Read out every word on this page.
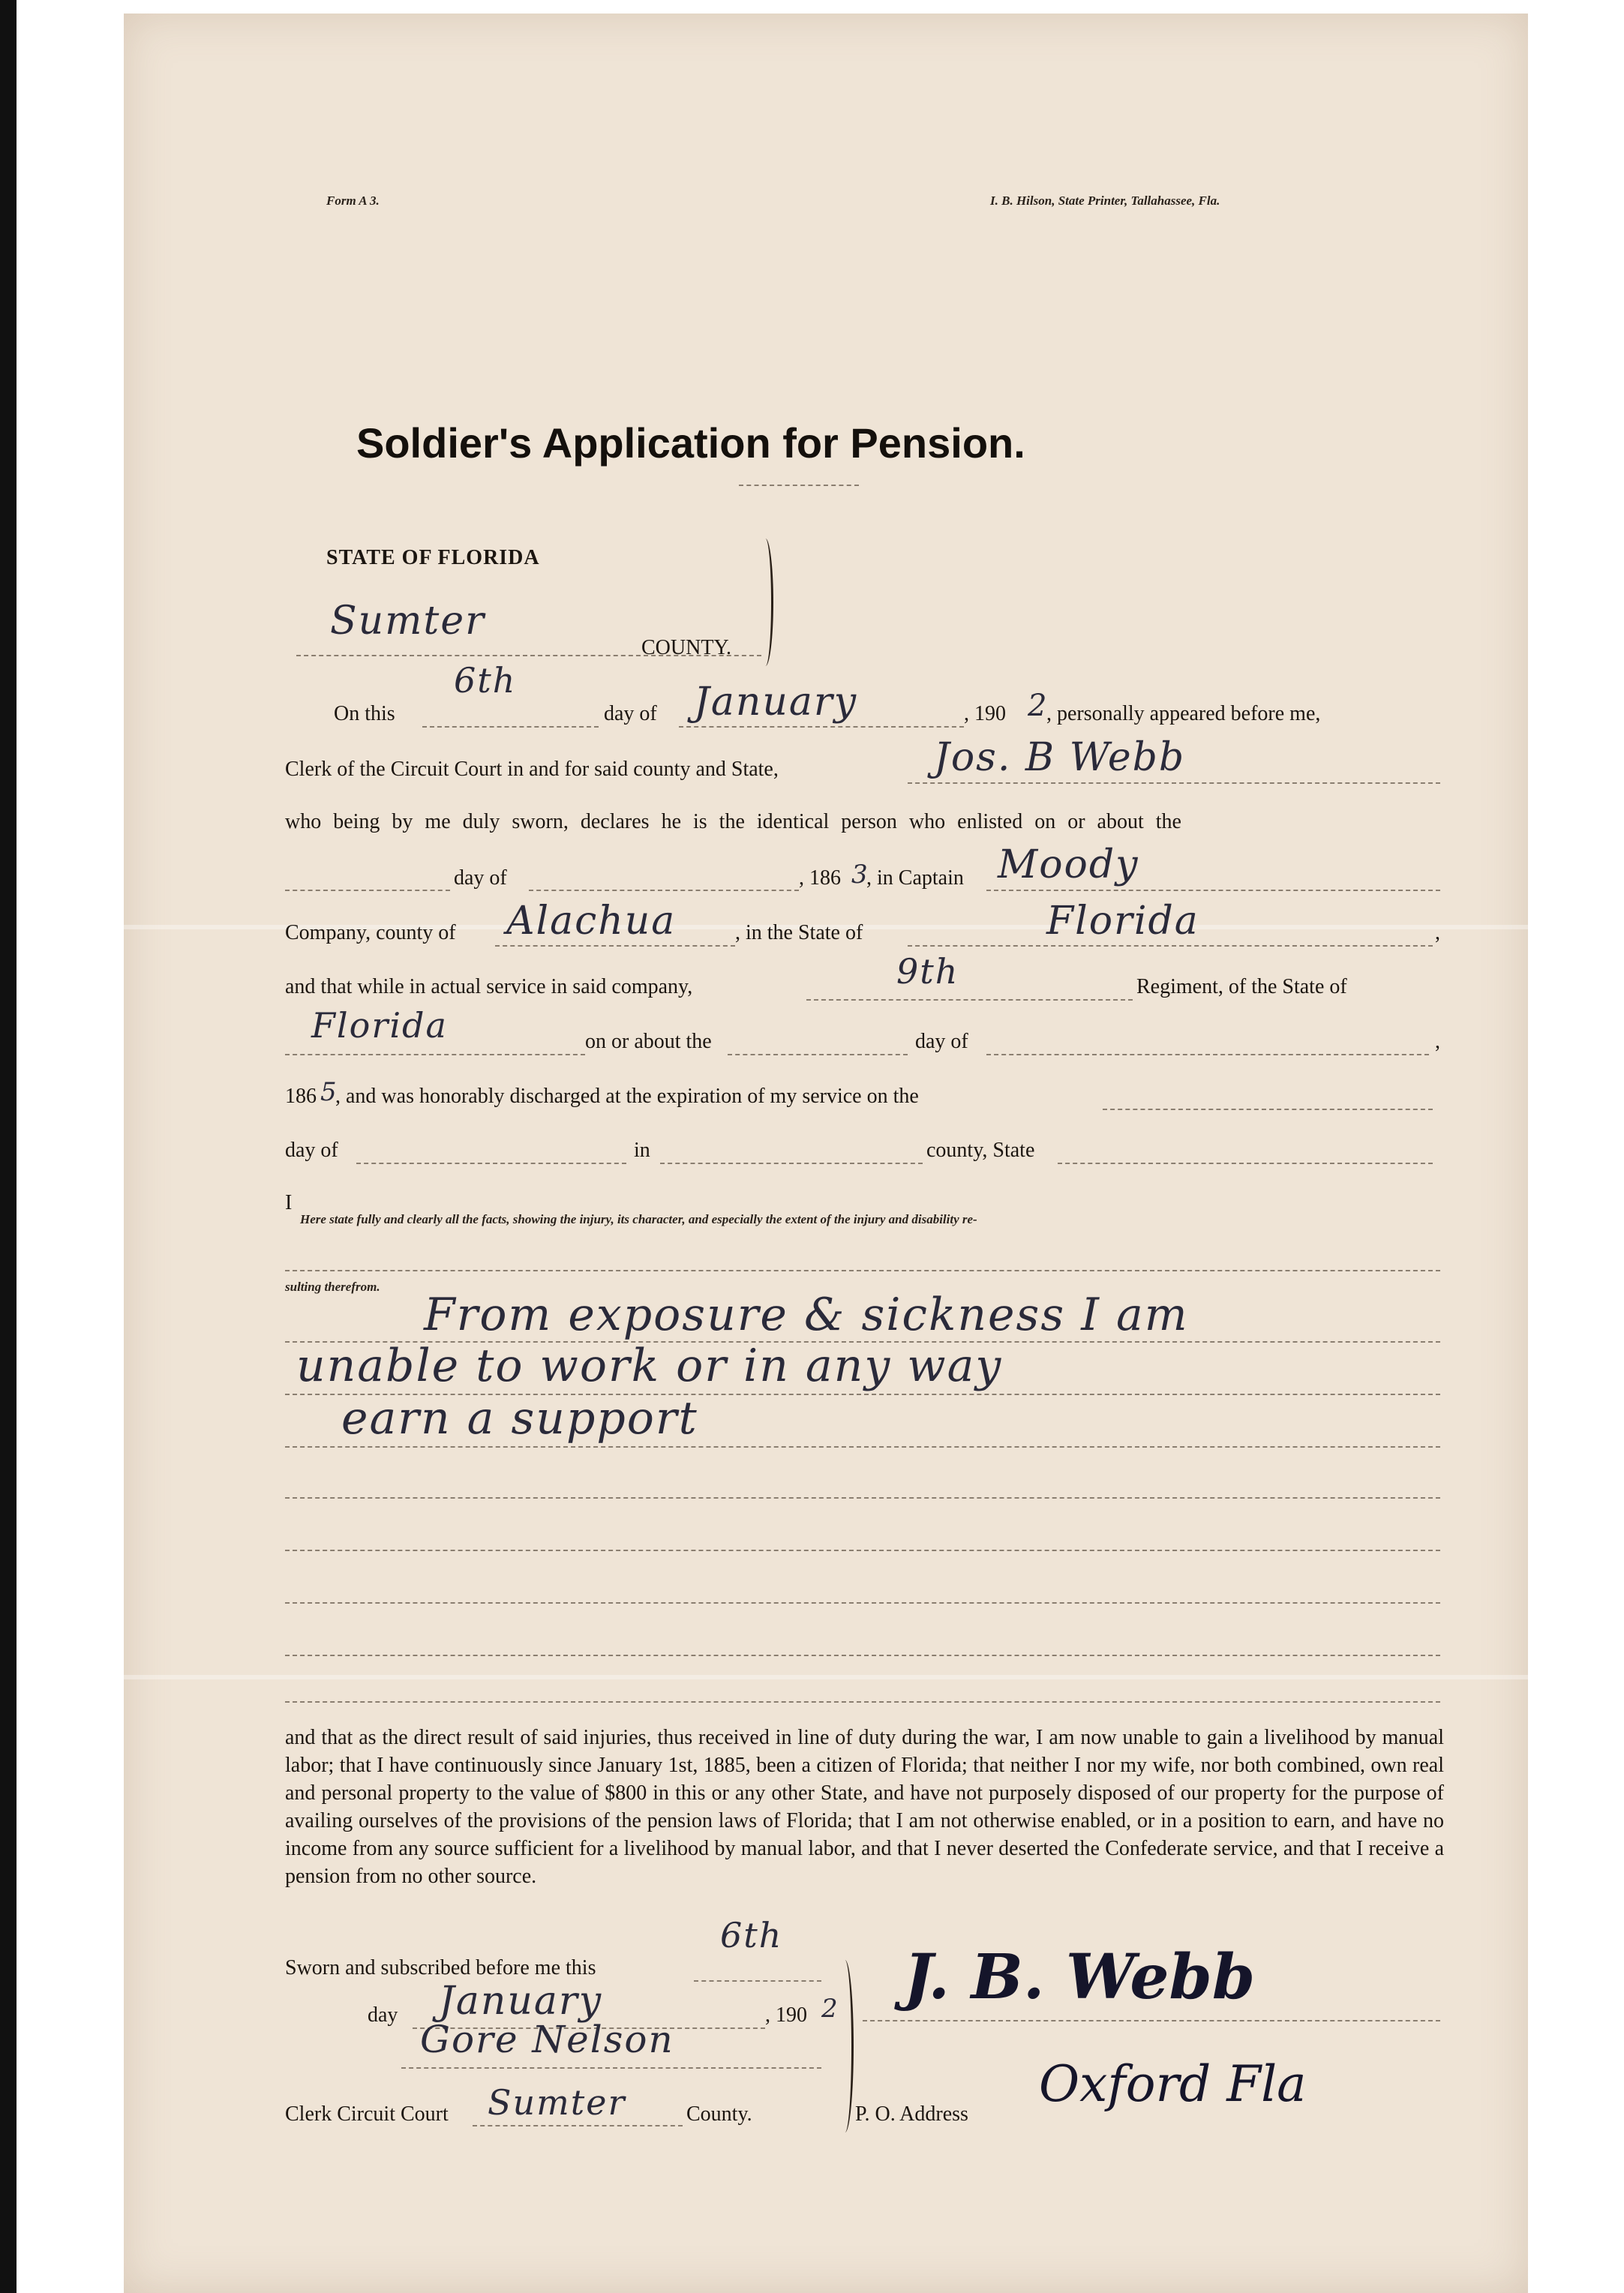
Form A 3.	I. B. Hilson, State Printer, Tallahassee, Fla.
Soldier's Application for Pension.
STATE OF FLORIDA
Sumter
COUNTY.
On this
6th
day of January	, 190 2
, personally appeared before me,
Clerk of the Circuit Court in and for said county and State,	Jos. B Webb
who being by me duly sworn, declares he is the identical person who enlisted on or about the
day of	, 186 3
, in Captain Moody
Company, county of Alachua	, in the State of	Florida	,
and that while in actual service in said company,	9th	Regiment, of the State of
Florida	on or about the	day of	,
186 5
, and was honorably discharged at the expiration of my service on the
day of	in	county, State
I
Here state fully and clearly all the facts, showing the injury, its character, and especially the extent of the injury and disability re-
sulting therefrom.
From exposure & sickness I am
unable to work or in any way
earn a support
and that as the direct result of said injuries, thus received in line of duty during the war, I am now unable to gain a livelihood by manual labor; that I have continuously since January 1st, 1885, been a citizen of Florida; that neither I nor my wife, nor both combined, own real and personal property to the value of $800 in this or any other State, and have not purposely disposed of our property for the purpose of availing ourselves of the provisions of the pension laws of Florida; that I am not otherwise enabled, or in a position to earn, and have no income from any source sufficient for a livelihood by manual labor, and that I never deserted the Confederate service, and that I receive a pension from no other source.
Sworn and subscribed before me this
6th
day January	, 190 2
Gore Nelson
Clerk Circuit Court Sumter	County.
J. B. Webb
P. O. Address
Oxford Fla
